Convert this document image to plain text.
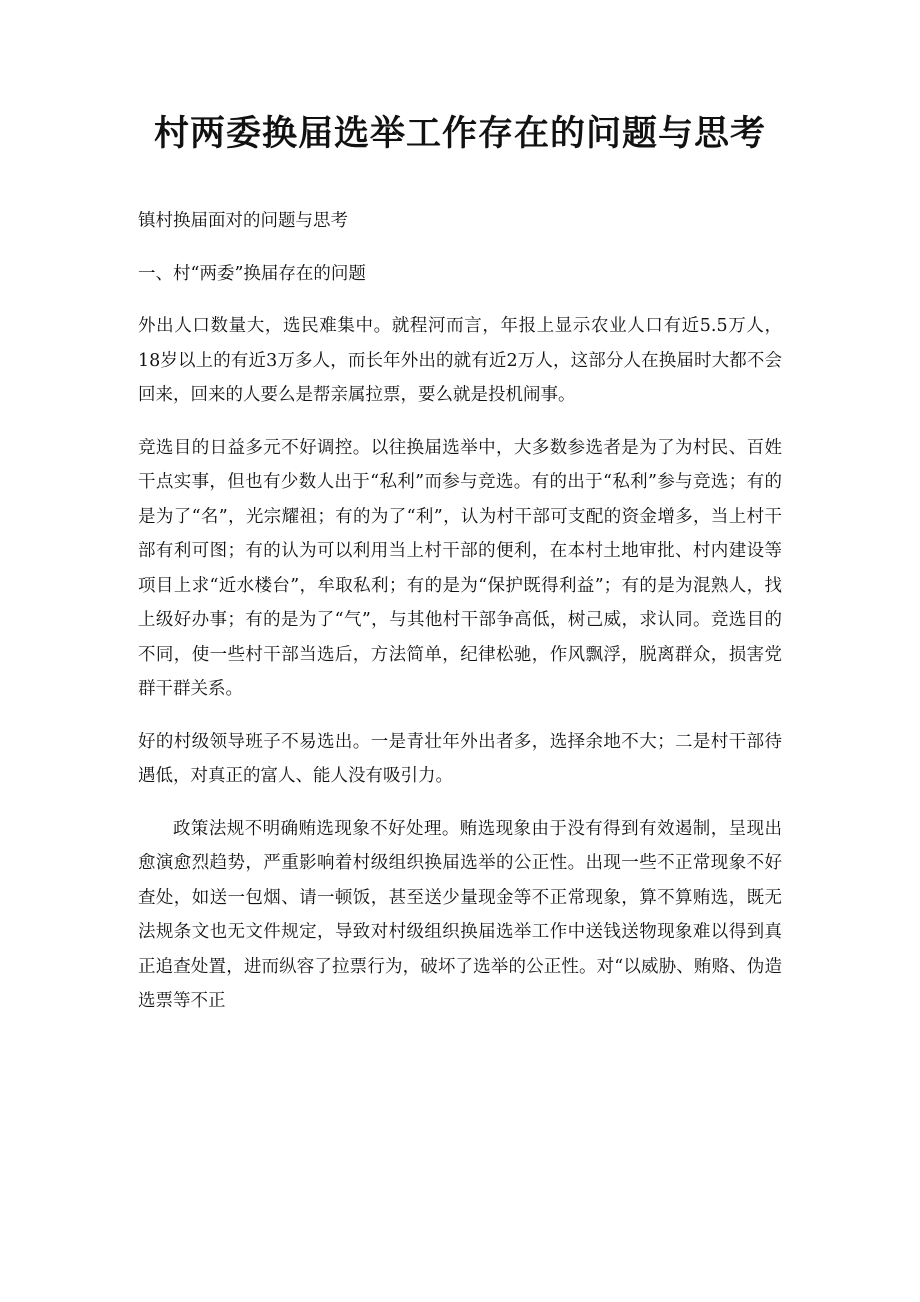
村两委换届选举工作存在的问题与思考

镇村换届面对的问题与思考

一、村“两委”换届存在的问题

外出人口数量大，选民难集中。就程河而言，年报上显示农业人口有近5.5万人，18岁以上的有近3万多人，而长年外出的就有近2万人，这部分人在换届时大都不会回来，回来的人要么是帮亲属拉票，要么就是投机闹事。

竞选目的日益多元不好调控。以往换届选举中，大多数参选者是为了为村民、百姓干点实事，但也有少数人出于“私利”而参与竞选。有的出于“私利”参与竞选；有的是为了“名”，光宗耀祖；有的为了“利”，认为村干部可支配的资金增多，当上村干部有利可图；有的认为可以利用当上村干部的便利，在本村土地审批、村内建设等项目上求“近水楼台”，牟取私利；有的是为“保护既得利益”；有的是为混熟人，找上级好办事；有的是为了“气”，与其他村干部争高低，树己威，求认同。竞选目的不同，使一些村干部当选后，方法简单，纪律松驰，作风飘浮，脱离群众，损害党群干群关系。

好的村级领导班子不易选出。一是青壮年外出者多，选择余地不大；二是村干部待遇低，对真正的富人、能人没有吸引力。

政策法规不明确贿选现象不好处理。贿选现象由于没有得到有效遏制，呈现出愈演愈烈趋势，严重影响着村级组织换届选举的公正性。出现一些不正常现象不好查处，如送一包烟、请一顿饭，甚至送少量现金等不正常现象，算不算贿选，既无法规条文也无文件规定，导致对村级组织换届选举工作中送钱送物现象难以得到真正追查处置，进而纵容了拉票行为，破坏了选举的公正性。对“以威胁、贿赂、伪造选票等不正
